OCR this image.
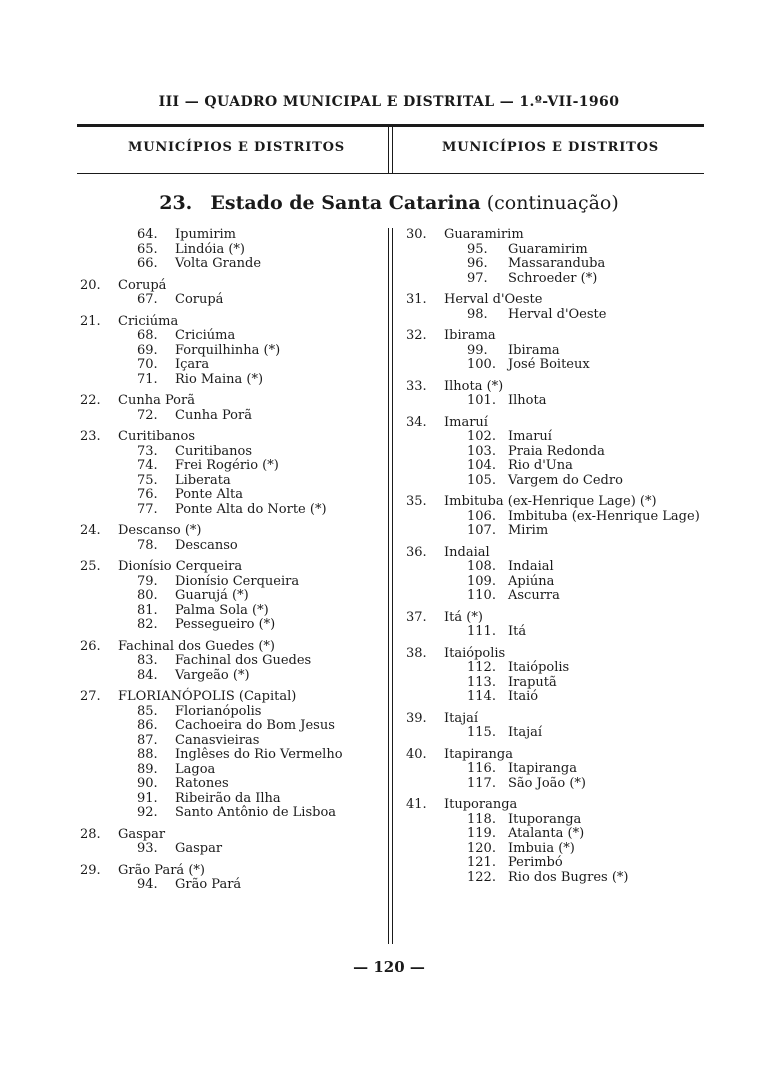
III — QUADRO MUNICIPAL E DISTRITAL — 1.º-VII-1960
MUNICÍPIOS E DISTRITOS	MUNICÍPIOS E DISTRITOS
23. Estado de Santa Catarina (continuação)
64.	Ipumirim
65.	Lindóia (*)
66.	Volta Grande
20.	Corupá
67.	Corupá
21.	Criciúma
68.	Criciúma
69.	Forquilhinha (*)
70.	Içara
71.	Rio Maina (*)
22.	Cunha Porã
72.	Cunha Porã
23.	Curitibanos
73.	Curitibanos
74.	Frei Rogério (*)
75.	Liberata
76.	Ponte Alta
77.	Ponte Alta do Norte (*)
24.	Descanso (*)
78.	Descanso
25.	Dionísio Cerqueira
79.	Dionísio Cerqueira
80.	Guarujá (*)
81.	Palma Sola (*)
82.	Pessegueiro (*)
26.	Fachinal dos Guedes (*)
83.	Fachinal dos Guedes
84.	Vargeão (*)
27.	FLORIANÓPOLIS (Capital)
85.	Florianópolis
86.	Cachoeira do Bom Jesus
87.	Canasvieiras
88.	Inglêses do Rio Vermelho
89.	Lagoa
90.	Ratones
91.	Ribeirão da Ilha
92.	Santo Antônio de Lisboa
28.	Gaspar
93.	Gaspar
29.	Grão Pará (*)
94.	Grão Pará
30.	Guaramirim
95.	Guaramirim
96.	Massaranduba
97.	Schroeder (*)
31.	Herval d'Oeste
98.	Herval d'Oeste
32.	Ibirama
99.	Ibirama
100. José Boiteux
33.	Ilhota (*)
101. Ilhota
34.	Imaruí
102. Imaruí
103. Praia Redonda
104. Rio d'Una
105. Vargem do Cedro
35.	Imbituba (ex-Henrique Lage) (*)
106. Imbituba (ex-Henrique Lage)
107. Mirim
36.	Indaial
108. Indaial
109. Apiúna
110. Ascurra
37.	Itá (*)
111. Itá
38.	Itaiópolis
112. Itaiópolis
113. Iraputã
114. Itaió
39.	Itajaí
115. Itajaí
40.	Itapiranga
116. Itapiranga
117. São João (*)
41.	Ituporanga
118. Ituporanga
119. Atalanta (*)
120. Imbuia (*)
121. Perimbó
122. Rio dos Bugres (*)
— 120 —
